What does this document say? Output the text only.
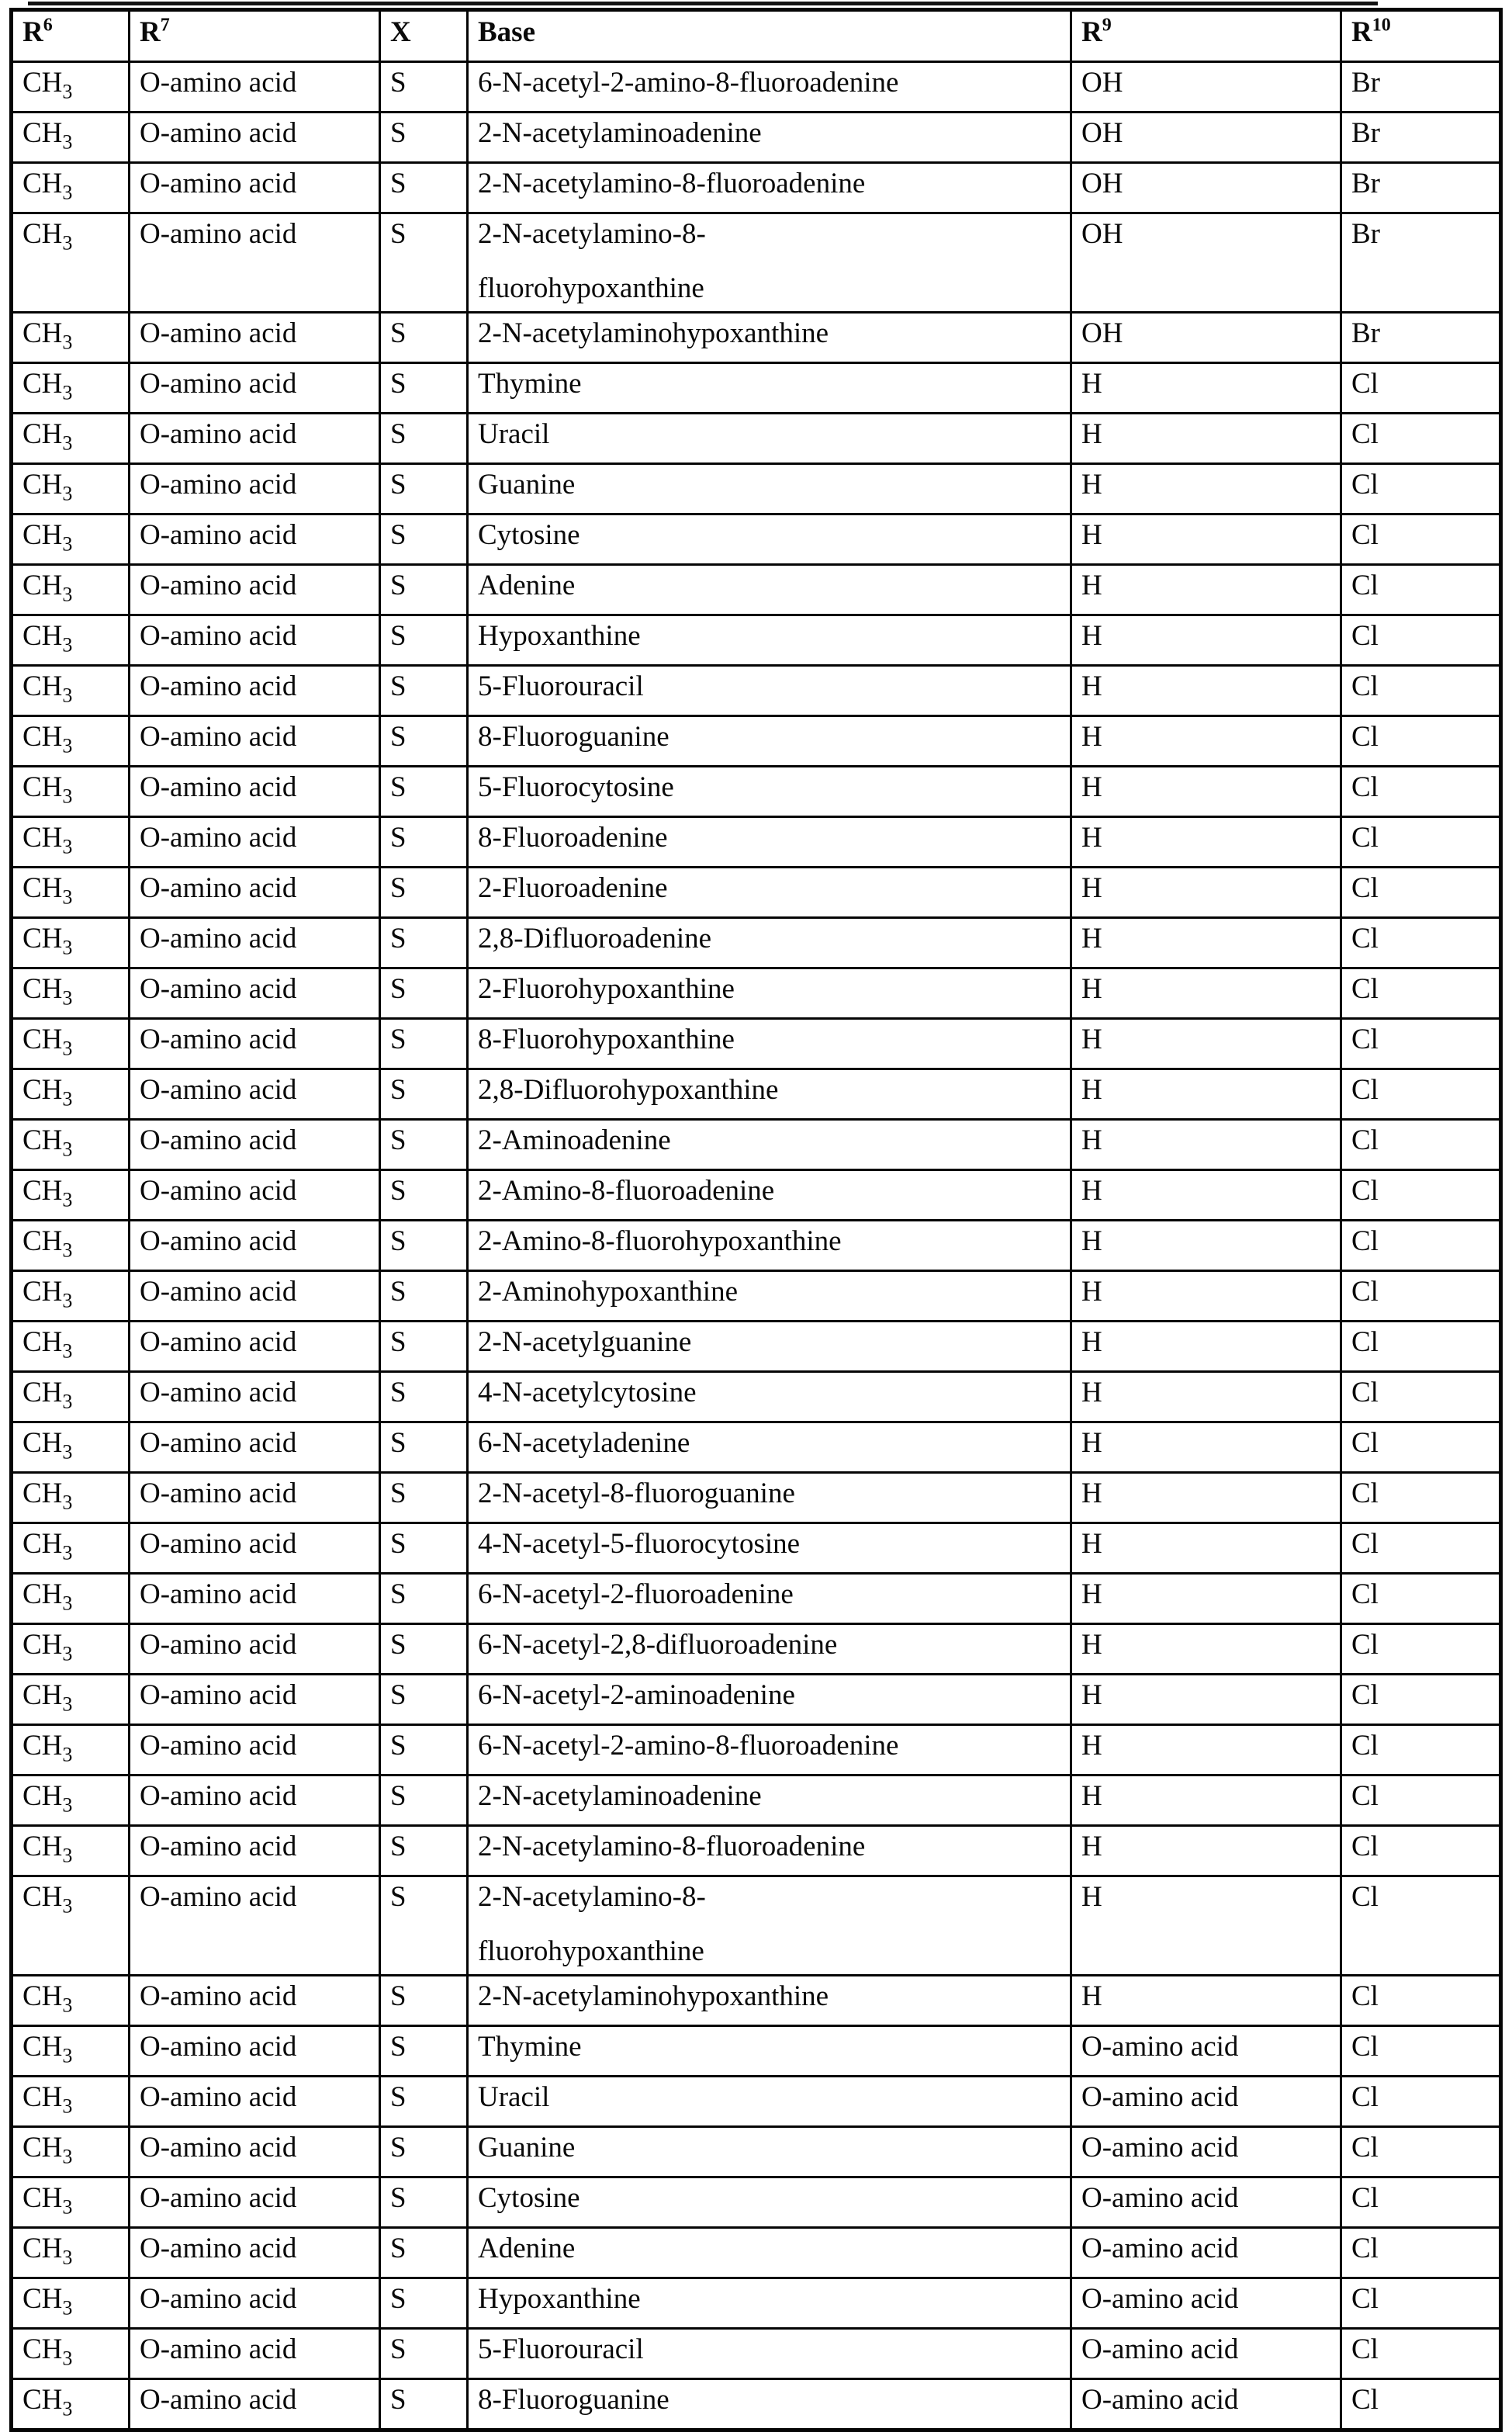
$R^6$	$R^7$	X	Base	$R^9$	$R^{10}$
$CH_3$	O-amino acid	S	6-N-acetyl-2-amino-8-fluoroadenine	OH	Br
$CH_3$	O-amino acid	S	2-N-acetylaminoadenine	OH	Br
$CH_3$	O-amino acid	S	2-N-acetylamino-8-fluoroadenine	OH	Br
$CH_3$	O-amino acid	S	2-N-acetylamino-8-
fluorohypoxanthine	OH	Br
$CH_3$	O-amino acid	S	2-N-acetylaminohypoxanthine	OH	Br
$CH_3$	O-amino acid	S	Thymine	H	Cl
$CH_3$	O-amino acid	S	Uracil	H	Cl
$CH_3$	O-amino acid	S	Guanine	H	Cl
$CH_3$	O-amino acid	S	Cytosine	H	Cl
$CH_3$	O-amino acid	S	Adenine	H	Cl
$CH_3$	O-amino acid	S	Hypoxanthine	H	Cl
$CH_3$	O-amino acid	S	5-Fluorouracil	H	Cl
$CH_3$	O-amino acid	S	8-Fluoroguanine	H	Cl
$CH_3$	O-amino acid	S	5-Fluorocytosine	H	Cl
$CH_3$	O-amino acid	S	8-Fluoroadenine	H	Cl
$CH_3$	O-amino acid	S	2-Fluoroadenine	H	Cl
$CH_3$	O-amino acid	S	2,8-Difluoroadenine	H	Cl
$CH_3$	O-amino acid	S	2-Fluorohypoxanthine	H	Cl
$CH_3$	O-amino acid	S	8-Fluorohypoxanthine	H	Cl
$CH_3$	O-amino acid	S	2,8-Difluorohypoxanthine	H	Cl
$CH_3$	O-amino acid	S	2-Aminoadenine	H	Cl
$CH_3$	O-amino acid	S	2-Amino-8-fluoroadenine	H	Cl
$CH_3$	O-amino acid	S	2-Amino-8-fluorohypoxanthine	H	Cl
$CH_3$	O-amino acid	S	2-Aminohypoxanthine	H	Cl
$CH_3$	O-amino acid	S	2-N-acetylguanine	H	Cl
$CH_3$	O-amino acid	S	4-N-acetylcytosine	H	Cl
$CH_3$	O-amino acid	S	6-N-acetyladenine	H	Cl
$CH_3$	O-amino acid	S	2-N-acetyl-8-fluoroguanine	H	Cl
$CH_3$	O-amino acid	S	4-N-acetyl-5-fluorocytosine	H	Cl
$CH_3$	O-amino acid	S	6-N-acetyl-2-fluoroadenine	H	Cl
$CH_3$	O-amino acid	S	6-N-acetyl-2,8-difluoroadenine	H	Cl
$CH_3$	O-amino acid	S	6-N-acetyl-2-aminoadenine	H	Cl
$CH_3$	O-amino acid	S	6-N-acetyl-2-amino-8-fluoroadenine	H	Cl
$CH_3$	O-amino acid	S	2-N-acetylaminoadenine	H	Cl
$CH_3$	O-amino acid	S	2-N-acetylamino-8-fluoroadenine	H	Cl
$CH_3$	O-amino acid	S	2-N-acetylamino-8-
fluorohypoxanthine	H	Cl
$CH_3$	O-amino acid	S	2-N-acetylaminohypoxanthine	H	Cl
$CH_3$	O-amino acid	S	Thymine	O-amino acid	Cl
$CH_3$	O-amino acid	S	Uracil	O-amino acid	Cl
$CH_3$	O-amino acid	S	Guanine	O-amino acid	Cl
$CH_3$	O-amino acid	S	Cytosine	O-amino acid	Cl
$CH_3$	O-amino acid	S	Adenine	O-amino acid	Cl
$CH_3$	O-amino acid	S	Hypoxanthine	O-amino acid	Cl
$CH_3$	O-amino acid	S	5-Fluorouracil	O-amino acid	Cl
$CH_3$	O-amino acid	S	8-Fluoroguanine	O-amino acid	Cl
